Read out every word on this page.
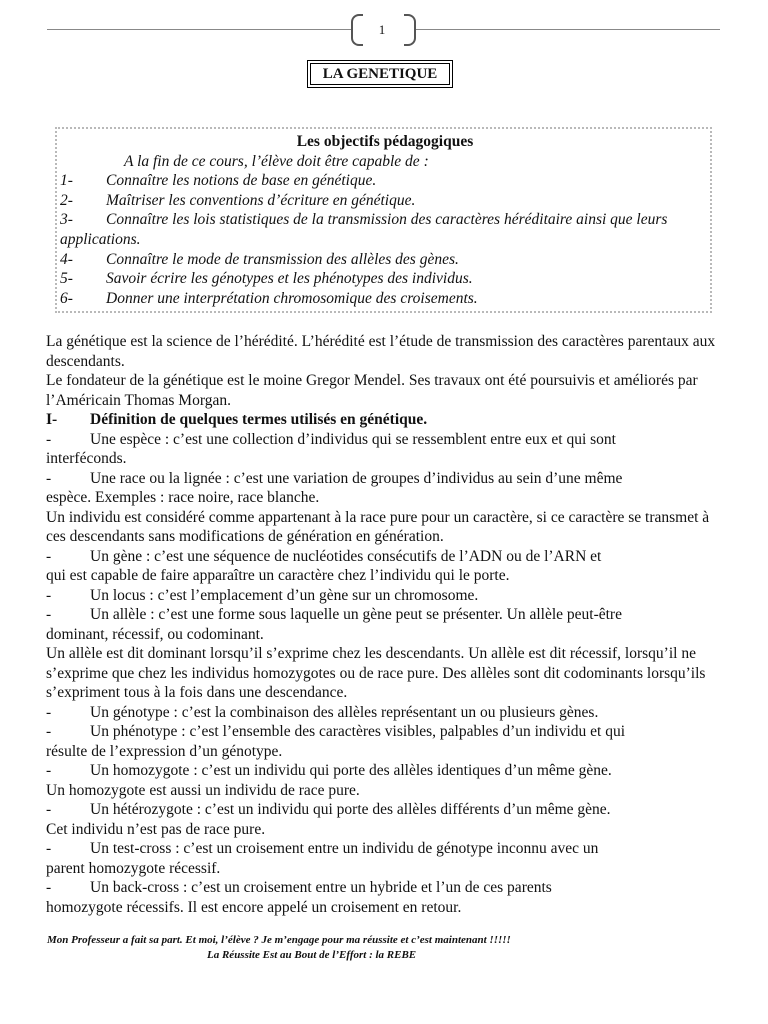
1
LA GENETIQUE
Les objectifs pédagogiques
A la fin de ce cours, l’élève doit être capable de :
1- Connaître les notions de base en génétique.
2- Maîtriser les conventions d’écriture en génétique.
3- Connaître les lois statistiques de la transmission des caractères héréditaire ainsi que leurs applications.
4- Connaître le mode de transmission des allèles des gènes.
5- Savoir écrire les génotypes et les phénotypes des individus.
6- Donner une interprétation chromosomique des croisements.

La génétique est la science de l’hérédité. L’hérédité est l’étude de transmission des caractères parentaux aux descendants.

Le fondateur de la génétique est le moine Gregor Mendel. Ses travaux ont été poursuivis et améliorés par l’Américain Thomas Morgan.

I-	Définition de quelques termes utilisés en génétique.
-	Une espèce : c’est une collection d’individus qui se ressemblent entre eux et qui sont

interféconds.

-	Une race ou la lignée : c’est une variation de groupes d’individus au sein d’une même

espèce. Exemples : race noire, race blanche.

Un individu est considéré comme appartenant à la race pure pour un caractère, si ce caractère se transmet à ces descendants sans modifications de génération en génération.

-	Un gène : c’est une séquence de nucléotides consécutifs de l’ADN ou de l’ARN et

qui est capable de faire apparaître un caractère chez l’individu qui le porte.

-	Un locus : c’est l’emplacement d’un gène sur un chromosome.
-	Un allèle : c’est une forme sous laquelle un gène peut se présenter. Un allèle peut-être

dominant, récessif, ou codominant.

Un allèle est dit dominant lorsqu’il s’exprime chez les descendants. Un allèle est dit récessif, lorsqu’il ne s’exprime que chez les individus homozygotes ou de race pure. Des allèles sont dit codominants lorsqu’ils s’expriment tous à la fois dans une descendance.

-	Un génotype : c’est la combinaison des allèles représentant un ou plusieurs gènes.
-	Un phénotype : c’est l’ensemble des caractères visibles, palpables d’un individu et qui

résulte de l’expression d’un génotype.

-	Un homozygote : c’est un individu qui porte des allèles identiques d’un même gène.

Un homozygote est aussi un individu de race pure.

-	Un hétérozygote : c’est un individu qui porte des allèles différents d’un même gène.

Cet individu n’est pas de race pure.

-	Un test-cross : c’est un croisement entre un individu de génotype inconnu avec un

parent homozygote récessif.

-	Un back-cross : c’est un croisement entre un hybride et l’un de ces parents

homozygote récessifs. Il est encore appelé un croisement en retour.

Mon Professeur a fait sa part. Et moi, l’élève ? Je m’engage pour ma réussite et c’est maintenant !!!!!
La Réussite Est au Bout de l’Effort : la REBE
